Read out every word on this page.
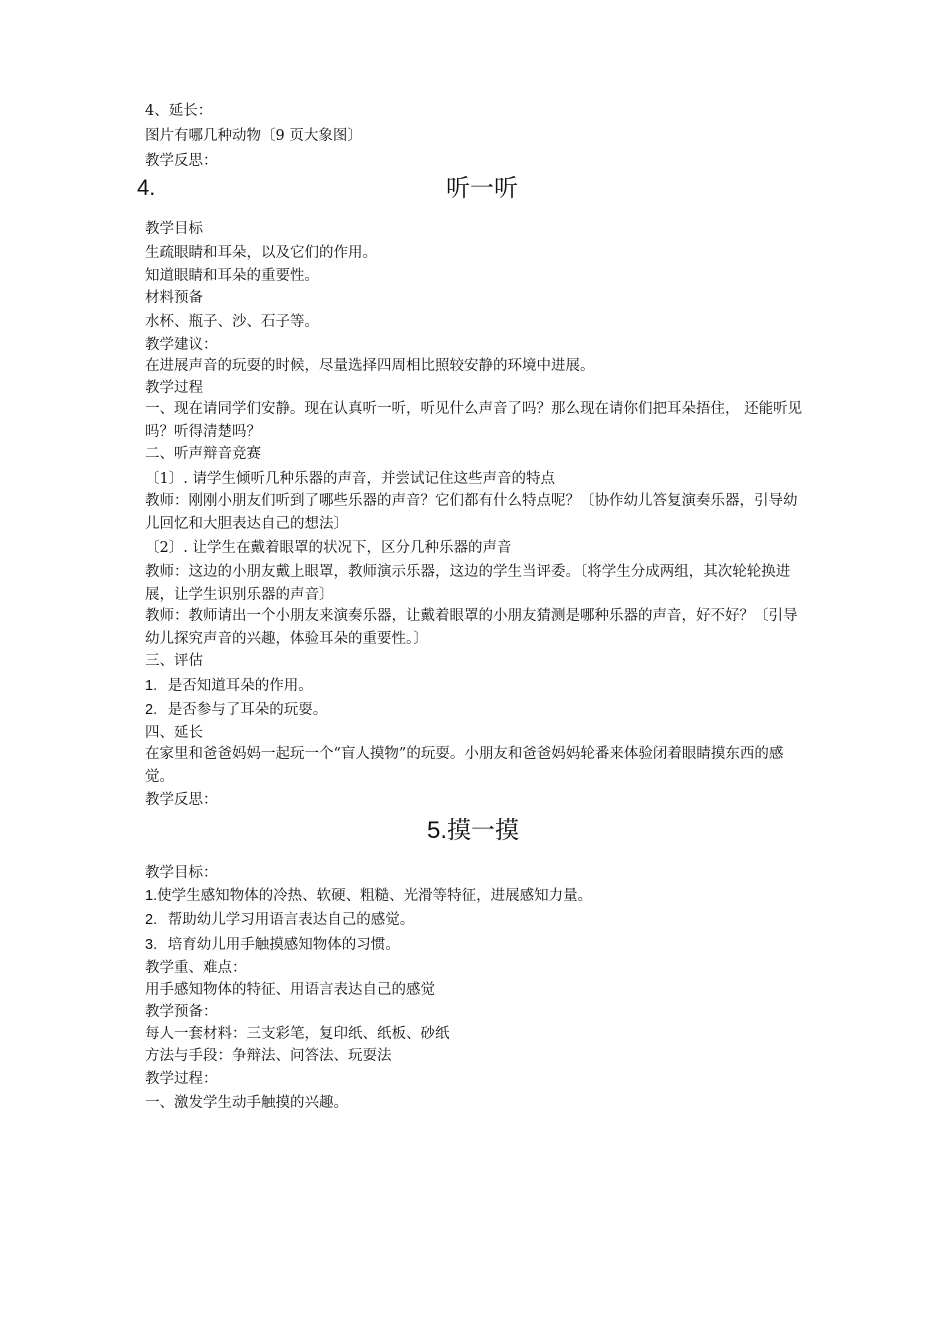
4、延长：
图片有哪几种动物〔9 页大象图〕
教学反思：
4.	听一听
教学目标
生疏眼睛和耳朵，以及它们的作用。
知道眼睛和耳朵的重要性。
材料预备
水杯、瓶子、沙、石子等。
教学建议：
在进展声音的玩耍的时候，尽量选择四周相比照较安静的环境中进展。
教学过程
一、现在请同学们安静。现在认真听一听，听见什么声音了吗？那么现在请你们把耳朵捂住， 还能听见吗？听得清楚吗？
二、听声辩音竞赛
〔1〕. 请学生倾听几种乐器的声音，并尝试记住这些声音的特点
教师：刚刚小朋友们听到了哪些乐器的声音？它们都有什么特点呢？〔协作幼儿答复演奏乐器，引导幼儿回忆和大胆表达自己的想法〕
〔2〕. 让学生在戴着眼罩的状况下，区分几种乐器的声音
教师：这边的小朋友戴上眼罩，教师演示乐器，这边的学生当评委。〔将学生分成两组，其次轮轮换进展，让学生识别乐器的声音〕
教师：教师请出一个小朋友来演奏乐器，让戴着眼罩的小朋友猜测是哪种乐器的声音，好不好？〔引导幼儿探究声音的兴趣，体验耳朵的重要性。〕
三、评估
1. 是否知道耳朵的作用。
2. 是否参与了耳朵的玩耍。
四、延长
在家里和爸爸妈妈一起玩一个“盲人摸物”的玩耍。小朋友和爸爸妈妈轮番来体验闭着眼睛摸东西的感觉。
教学反思：
5.摸一摸
教学目标：
1.使学生感知物体的冷热、软硬、粗糙、光滑等特征，进展感知力量。
2. 帮助幼儿学习用语言表达自己的感觉。
3. 培育幼儿用手触摸感知物体的习惯。
教学重、难点：
用手感知物体的特征、用语言表达自己的感觉
教学预备：
每人一套材料：三支彩笔，复印纸、纸板、砂纸
方法与手段：争辩法、问答法、玩耍法
教学过程：
一、激发学生动手触摸的兴趣。
